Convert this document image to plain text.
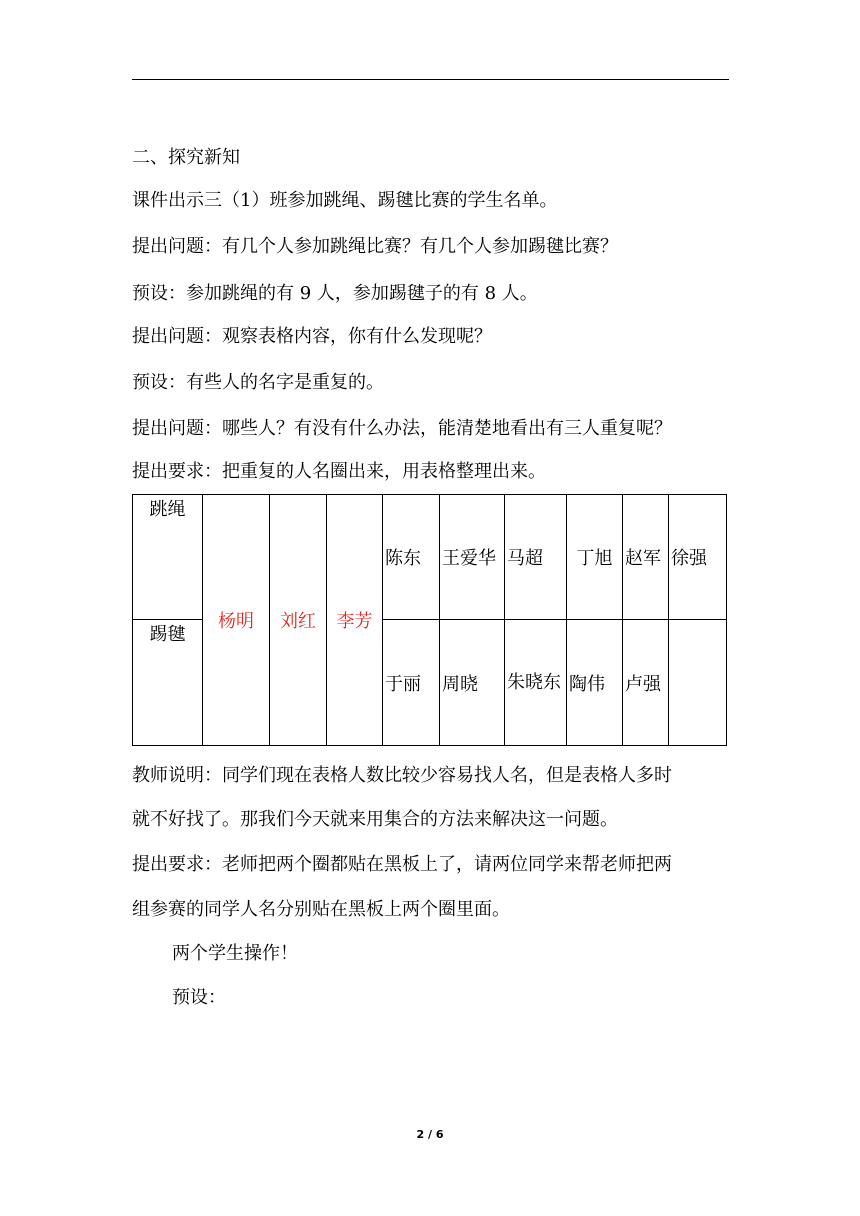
二、探究新知
课件出示三（1）班参加跳绳、踢毽比赛的学生名单。
提出问题：有几个人参加跳绳比赛？有几个人参加踢毽比赛？
预设：参加跳绳的有 9 人，参加踢毽子的有 8 人。
提出问题：观察表格内容，你有什么发现呢？
预设：有些人的名字是重复的。
提出问题：哪些人？有没有什么办法，能清楚地看出有三人重复呢？
提出要求：把重复的人名圈出来，用表格整理出来。
跳绳	杨明	刘红	李芳	陈东	王爱华	马超	丁旭	赵军	徐强
踢毽				于丽	周晓	朱晓东	陶伟	卢强	
教师说明：同学们现在表格人数比较少容易找人名，但是表格人多时
就不好找了。那我们今天就来用集合的方法来解决这一问题。
提出要求：老师把两个圈都贴在黑板上了，请两位同学来帮老师把两
组参赛的同学人名分别贴在黑板上两个圈里面。
两个学生操作！
预设：
2 / 6
